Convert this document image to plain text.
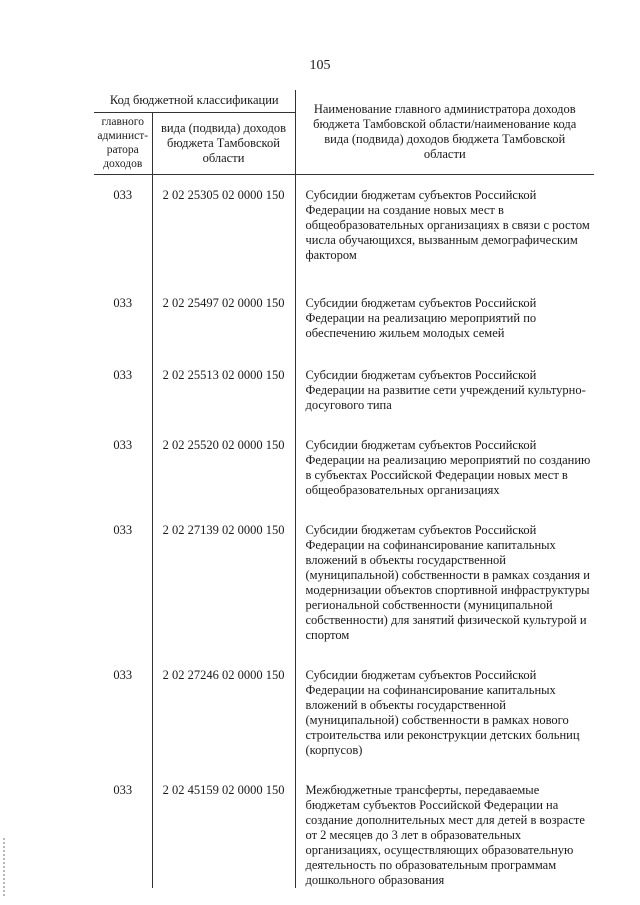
105
Код бюджетной классификации		Наименование главного администратора доходов бюджета Тамбовской области/наименование кода вида (подвида) доходов бюджета Тамбовской области
главного админист-ратора доходов	вида (подвида) доходов бюджета Тамбовской области	
033	2 02 25305 02 0000 150	Субсидии бюджетам субъектов Российской Федерации на создание новых мест в общеобразовательных организациях в связи с ростом числа обучающихся, вызванным демографическим фактором
033	2 02 25497 02 0000 150	Субсидии бюджетам субъектов Российской Федерации на реализацию мероприятий по обеспечению жильем молодых семей
033	2 02 25513 02 0000 150	Субсидии бюджетам субъектов Российской Федерации на развитие сети учреждений культурно-досугового типа
033	2 02 25520 02 0000 150	Субсидии бюджетам субъектов Российской Федерации на реализацию мероприятий по созданию в субъектах Российской Федерации новых мест в общеобразовательных организациях
033	2 02 27139 02 0000 150	Субсидии бюджетам субъектов Российской Федерации на софинансирование капитальных вложений в объекты государственной (муниципальной) собственности в рамках создания и модернизации объектов спортивной инфраструктуры региональной собственности (муниципальной собственности) для занятий физической культурой и спортом
033	2 02 27246 02 0000 150	Субсидии бюджетам субъектов Российской Федерации на софинансирование капитальных вложений в объекты государственной (муниципальной) собственности в рамках нового строительства или реконструкции детских больниц (корпусов)
033	2 02 45159 02 0000 150	Межбюджетные трансферты, передаваемые бюджетам субъектов Российской Федерации на создание дополнительных мест для детей в возрасте от 2 месяцев до 3 лет в образовательных организациях, осуществляющих образовательную деятельность по образовательным программам дошкольного образования
